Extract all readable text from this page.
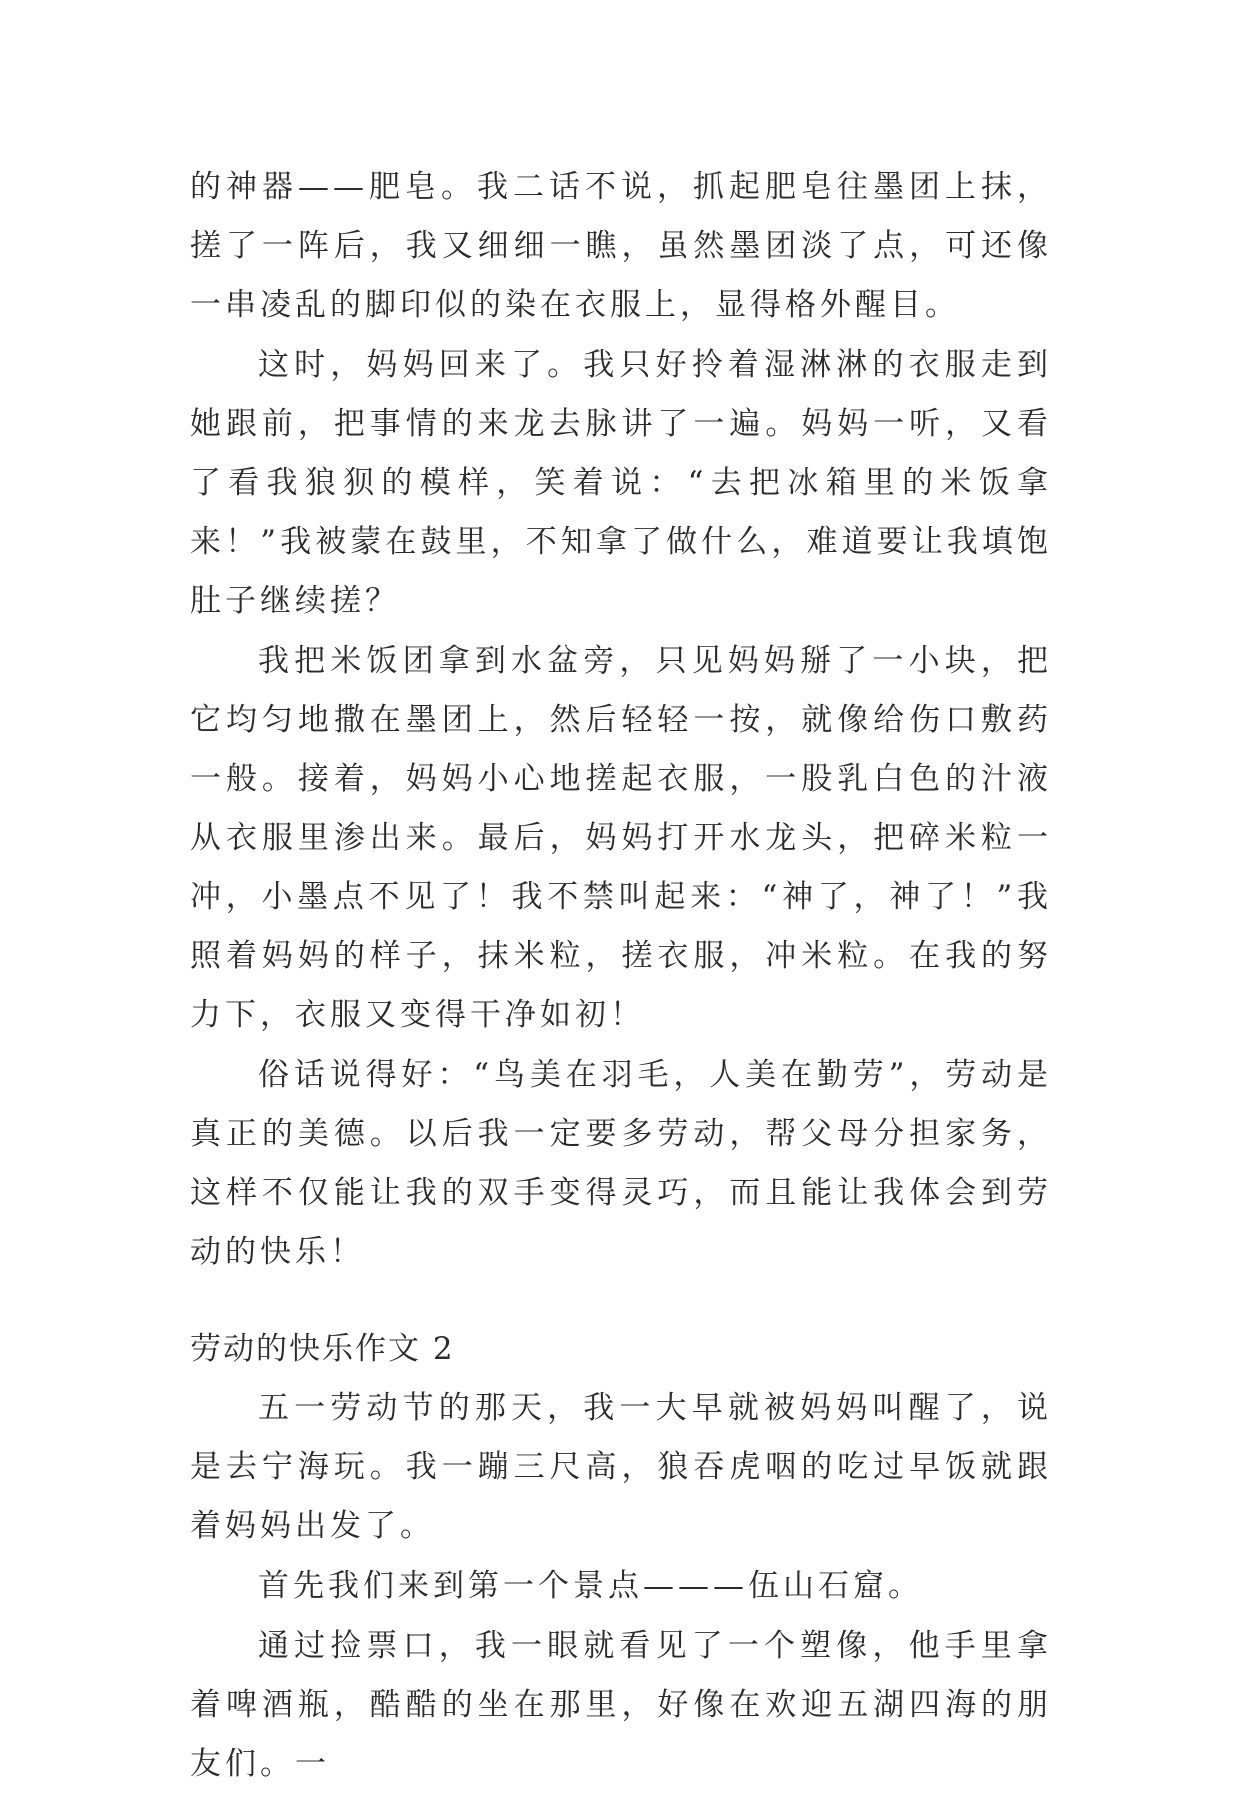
的神器——肥皂。我二话不说，抓起肥皂往墨团上抹，搓了一阵后，我又细细一瞧，虽然墨团淡了点，可还像一串凌乱的脚印似的染在衣服上，显得格外醒目。

这时，妈妈回来了。我只好拎着湿淋淋的衣服走到她跟前，把事情的来龙去脉讲了一遍。妈妈一听，又看了看我狼狈的模样，笑着说：“去把冰箱里的米饭拿来！”我被蒙在鼓里，不知拿了做什么，难道要让我填饱肚子继续搓？

我把米饭团拿到水盆旁，只见妈妈掰了一小块，把它均匀地撒在墨团上，然后轻轻一按，就像给伤口敷药一般。接着，妈妈小心地搓起衣服，一股乳白色的汁液从衣服里渗出来。最后，妈妈打开水龙头，把碎米粒一冲，小墨点不见了！我不禁叫起来：“神了，神了！”我照着妈妈的样子，抹米粒，搓衣服，冲米粒。在我的努力下，衣服又变得干净如初！

俗话说得好：“鸟美在羽毛，人美在勤劳”，劳动是真正的美德。以后我一定要多劳动，帮父母分担家务，这样不仅能让我的双手变得灵巧，而且能让我体会到劳动的快乐！

劳动的快乐作文 2

五一劳动节的那天，我一大早就被妈妈叫醒了，说是去宁海玩。我一蹦三尺高，狼吞虎咽的吃过早饭就跟着妈妈出发了。

首先我们来到第一个景点———伍山石窟。

通过捡票口，我一眼就看见了一个塑像，他手里拿着啤酒瓶，酷酷的坐在那里，好像在欢迎五湖四海的朋友们。一
